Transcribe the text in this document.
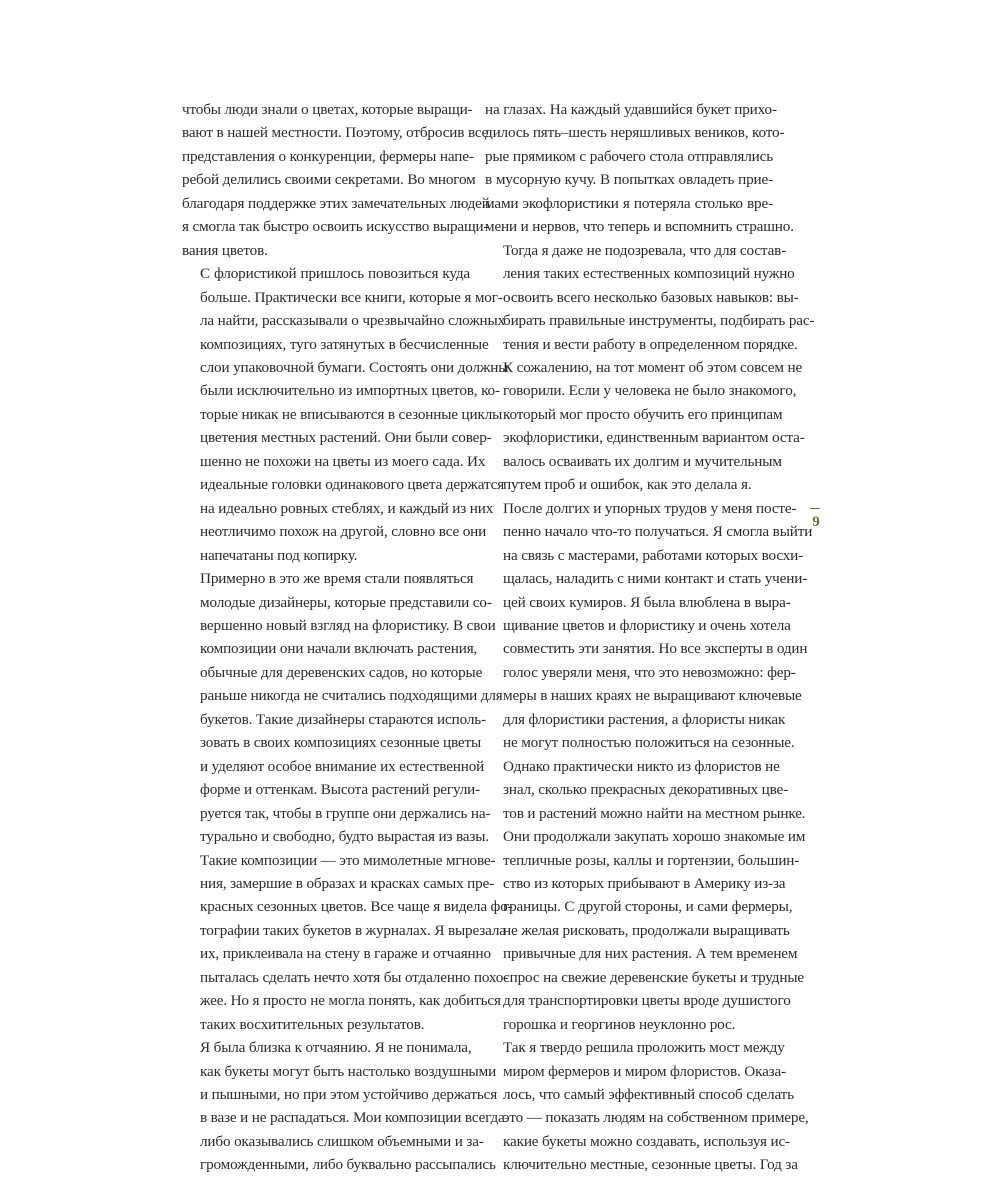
чтобы люди знали о цветах, которые выращи-
вают в нашей местности. Поэтому, отбросив все
представления о конкуренции, фермеры напе-
ребой делились своими секретами. Во многом
благодаря поддержке этих замечательных людей
я смогла так быстро освоить искусство выращи-
вания цветов.

С флористикой пришлось повозиться куда
больше. Практически все книги, которые я мог-
ла найти, рассказывали о чрезвычайно сложных
композициях, туго затянутых в бесчисленные
слои упаковочной бумаги. Состоять они должны
были исключительно из импортных цветов, ко-
торые никак не вписываются в сезонные циклы
цветения местных растений. Они были совер-
шенно не похожи на цветы из моего сада. Их
идеальные головки одинакового цвета держатся
на идеально ровных стеблях, и каждый из них
неотличимо похож на другой, словно все они
напечатаны под копирку.

Примерно в это же время стали появляться
молодые дизайнеры, которые представили со-
вершенно новый взгляд на флористику. В свои
композиции они начали включать растения,
обычные для деревенских садов, но которые
раньше никогда не считались подходящими для
букетов. Такие дизайнеры стараются исполь-
зовать в своих композициях сезонные цветы
и уделяют особое внимание их естественной
форме и оттенкам. Высота растений регули-
руется так, чтобы в группе они держались на-
турально и свободно, будто вырастая из вазы.
Такие композиции — это мимолетные мгнове-
ния, замершие в образах и красках самых пре-
красных сезонных цветов. Все чаще я видела фо-
тографии таких букетов в журналах. Я вырезала
их, приклеивала на стену в гараже и отчаянно
пыталась сделать нечто хотя бы отдаленно похо-
жее. Но я просто не могла понять, как добиться
таких восхитительных результатов.

Я была близка к отчаянию. Я не понимала,
как букеты могут быть настолько воздушными
и пышными, но при этом устойчиво держаться
в вазе и не распадаться. Мои композиции всегда
либо оказывались слишком объемными и за-
громожденными, либо буквально рассыпались

на глазах. На каждый удавшийся букет прихо-
дилось пять–шесть неряшливых веников, кото-
рые прямиком с рабочего стола отправлялись
в мусорную кучу. В попытках овладеть прие-
мами экофлористики я потеряла столько вре-
мени и нервов, что теперь и вспомнить страшно.

Тогда я даже не подозревала, что для состав-
ления таких естественных композиций нужно
освоить всего несколько базовых навыков: вы-
бирать правильные инструменты, подбирать рас-
тения и вести работу в определенном порядке.
К сожалению, на тот момент об этом совсем не
говорили. Если у человека не было знакомого,
который мог просто обучить его принципам
экофлористики, единственным вариантом оста-
валось осваивать их долгим и мучительным
путем проб и ошибок, как это делала я.

После долгих и упорных трудов у меня посте-
пенно начало что-то получаться. Я смогла выйти
на связь с мастерами, работами которых восхи-
щалась, наладить с ними контакт и стать учени-
цей своих кумиров. Я была влюблена в выра-
щивание цветов и флористику и очень хотела
совместить эти занятия. Но все эксперты в один
голос уверяли меня, что это невозможно: фер-
меры в наших краях не выращивают ключевые
для флористики растения, а флористы никак
не могут полностью положиться на сезонные.
Однако практически никто из флористов не
знал, сколько прекрасных декоративных цве-
тов и растений можно найти на местном рынке.
Они продолжали закупать хорошо знакомые им
тепличные розы, каллы и гортензии, большин-
ство из которых прибывают в Америку из-за
границы. С другой стороны, и сами фермеры,
не желая рисковать, продолжали выращивать
привычные для них растения. А тем временем
спрос на свежие деревенские букеты и трудные
для транспортировки цветы вроде душистого
горошка и георгинов неуклонно рос.

Так я твердо решила проложить мост между
миром фермеров и миром флористов. Оказа-
лось, что самый эффективный способ сделать
это — показать людям на собственном примере,
какие букеты можно создавать, используя ис-
ключительно местные, сезонные цветы. Год за

9
